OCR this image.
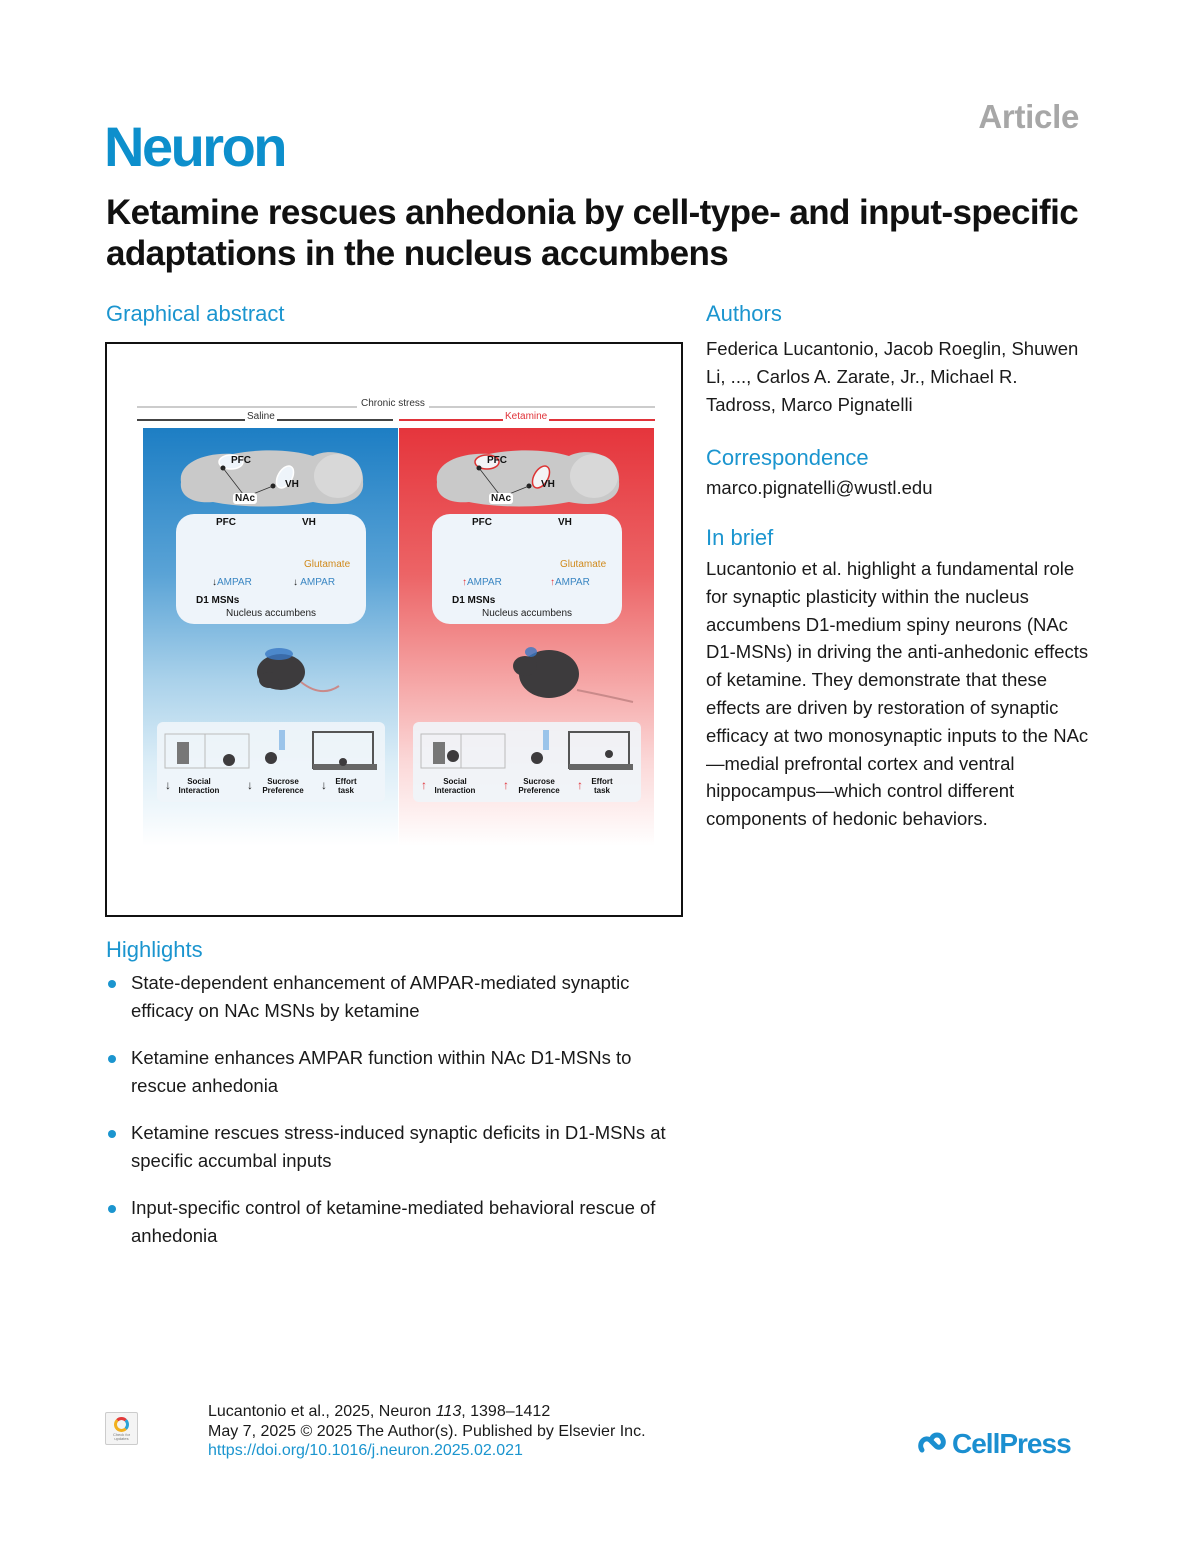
Article
Neuron
Ketamine rescues anhedonia by cell-type- and input-specific adaptations in the nucleus accumbens
Graphical abstract
Chronic stress
Saline	Ketamine
PFC
VH
NAc
PFC	VH
Glutamate
↓AMPAR	↓ AMPAR
D1 MSNs
Nucleus accumbens
↓	Social Interaction ↓	Sucrose Preference	↓	Effort task
PFC
VH
NAc
PFC	VH
Glutamate
↑AMPAR	↑AMPAR
D1 MSNs
Nucleus accumbens
↑	Social Interaction ↑	Sucrose Preference	↑	Effort task
Authors

Federica Lucantonio, Jacob Roeglin, Shuwen Li, ..., Carlos A. Zarate, Jr., Michael R. Tadross, Marco Pignatelli

Correspondence
marco.pignatelli@wustl.edu
In brief

Lucantonio et al. highlight a fundamental role for synaptic plasticity within the nucleus accumbens D1-medium spiny neurons (NAc D1-MSNs) in driving the anti-anhedonic effects of ketamine. They demonstrate that these effects are driven by restoration of synaptic efficacy at two monosynaptic inputs to the NAc—medial prefrontal cortex and ventral hippocampus—which control different components of hedonic behaviors.

Highlights
State-dependent enhancement of AMPAR-mediated synaptic efficacy on NAc MSNs by ketamine
Ketamine enhances AMPAR function within NAc D1-MSNs to rescue anhedonia
Ketamine rescues stress-induced synaptic deficits in D1-MSNs at specific accumbal inputs
Input-specific control of ketamine-mediated behavioral rescue of anhedonia
Check for updates
Lucantonio et al., 2025, Neuron 113, 1398–1412
May 7, 2025 © 2025 The Author(s). Published by Elsevier Inc.
https://doi.org/10.1016/j.neuron.2025.02.021	CellPress
